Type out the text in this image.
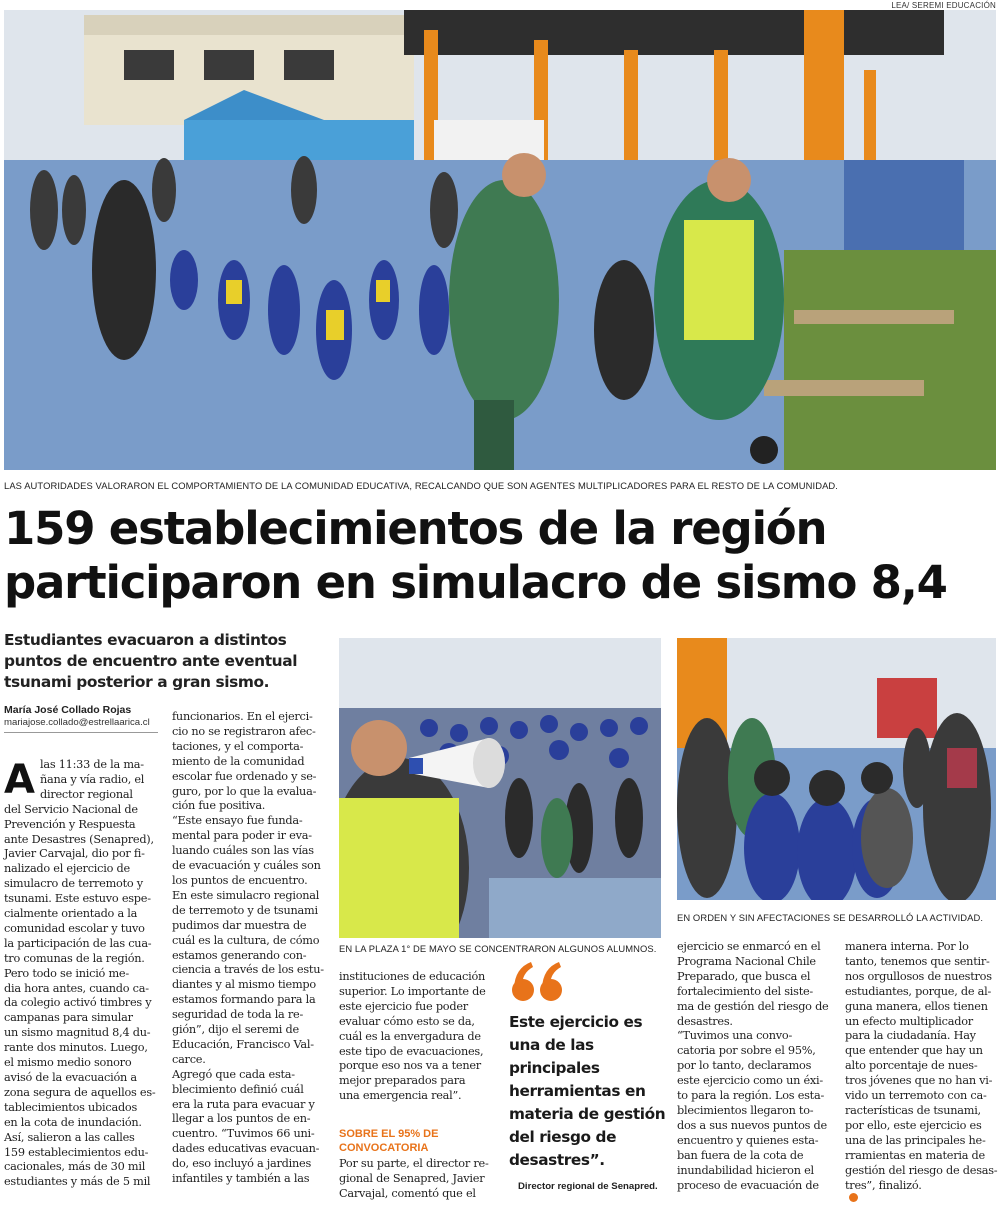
LEA/ SEREMI EDUCACIÓN
LAS AUTORIDADES VALORARON EL COMPORTAMIENTO DE LA COMUNIDAD EDUCATIVA, RECALCANDO QUE SON AGENTES MULTIPLICADORES PARA EL RESTO DE LA COMUNIDAD.
159 establecimientos de la región
participaron en simulacro de sismo 8,4
Estudiantes evacuaron a distintos
puntos de encuentro ante eventual
tsunami posterior a gran sismo.
María José Collado Rojas
mariajose.collado@estrellaarica.cl
A las 11:33 de la ma-
ñana y vía radio, el
director regional
del Servicio Nacional de
Prevención y Respuesta
ante Desastres (Senapred),
Javier Carvajal, dio por fi-
nalizado el ejercicio de
simulacro de terremoto y
tsunami. Este estuvo espe-
cialmente orientado a la
comunidad escolar y tuvo
la participación de las cua-
tro comunas de la región.
Pero todo se inició me-
dia hora antes, cuando ca-
da colegio activó timbres y
campanas para simular
un sismo magnitud 8,4 du-
rante dos minutos. Luego,
el mismo medio sonoro
avisó de la evacuación a
zona segura de aquellos es-
tablecimientos ubicados
en la cota de inundación.
Así, salieron a las calles
159 establecimientos edu-
cacionales, más de 30 mil
estudiantes y más de 5 mil
funcionarios. En el ejerci-
cio no se registraron afec-
taciones, y el comporta-
miento de la comunidad
escolar fue ordenado y se-
guro, por lo que la evalua-
ción fue positiva.
“Este ensayo fue funda-
mental para poder ir eva-
luando cuáles son las vías
de evacuación y cuáles son
los puntos de encuentro.
En este simulacro regional
de terremoto y de tsunami
pudimos dar muestra de
cuál es la cultura, de cómo
estamos generando con-
ciencia a través de los estu-
diantes y al mismo tiempo
estamos formando para la
seguridad de toda la re-
gión”, dijo el seremi de
Educación, Francisco Val-
carce.
Agregó que cada esta-
blecimiento definió cuál
era la ruta para evacuar y
llegar a los puntos de en-
cuentro. “Tuvimos 66 uni-
dades educativas evacuan-
do, eso incluyó a jardines
infantiles y también a las
EN LA PLAZA 1° DE MAYO SE CONCENTRARON ALGUNOS ALUMNOS.
instituciones de educación
superior. Lo importante de
este ejercicio fue poder
evaluar cómo esto se da,
cuál es la envergadura de
este tipo de evacuaciones,
porque eso nos va a tener
mejor preparados para
una emergencia real”.
SOBRE EL 95% DE
CONVOCATORIA
Por su parte, el director re-
gional de Senapred, Javier
Carvajal, comentó que el
Este ejercicio es
una de las
principales
herramientas en
materia de gestión
del riesgo de
desastres”.
Director regional de Senapred.
EN ORDEN Y SIN AFECTACIONES SE DESARROLLÓ LA ACTIVIDAD.
ejercicio se enmarcó en el
Programa Nacional Chile
Preparado, que busca el
fortalecimiento del siste-
ma de gestión del riesgo de
desastres.
“Tuvimos una convo-
catoria por sobre el 95%,
por lo tanto, declaramos
este ejercicio como un éxi-
to para la región. Los esta-
blecimientos llegaron to-
dos a sus nuevos puntos de
encuentro y quienes esta-
ban fuera de la cota de
inundabilidad hicieron el
proceso de evacuación de
manera interna. Por lo
tanto, tenemos que sentir-
nos orgullosos de nuestros
estudiantes, porque, de al-
guna manera, ellos tienen
un efecto multiplicador
para la ciudadanía. Hay
que entender que hay un
alto porcentaje de nues-
tros jóvenes que no han vi-
vido un terremoto con ca-
racterísticas de tsunami,
por ello, este ejercicio es
una de las principales he-
rramientas en materia de
gestión del riesgo de desas-
tres”, finalizó.
